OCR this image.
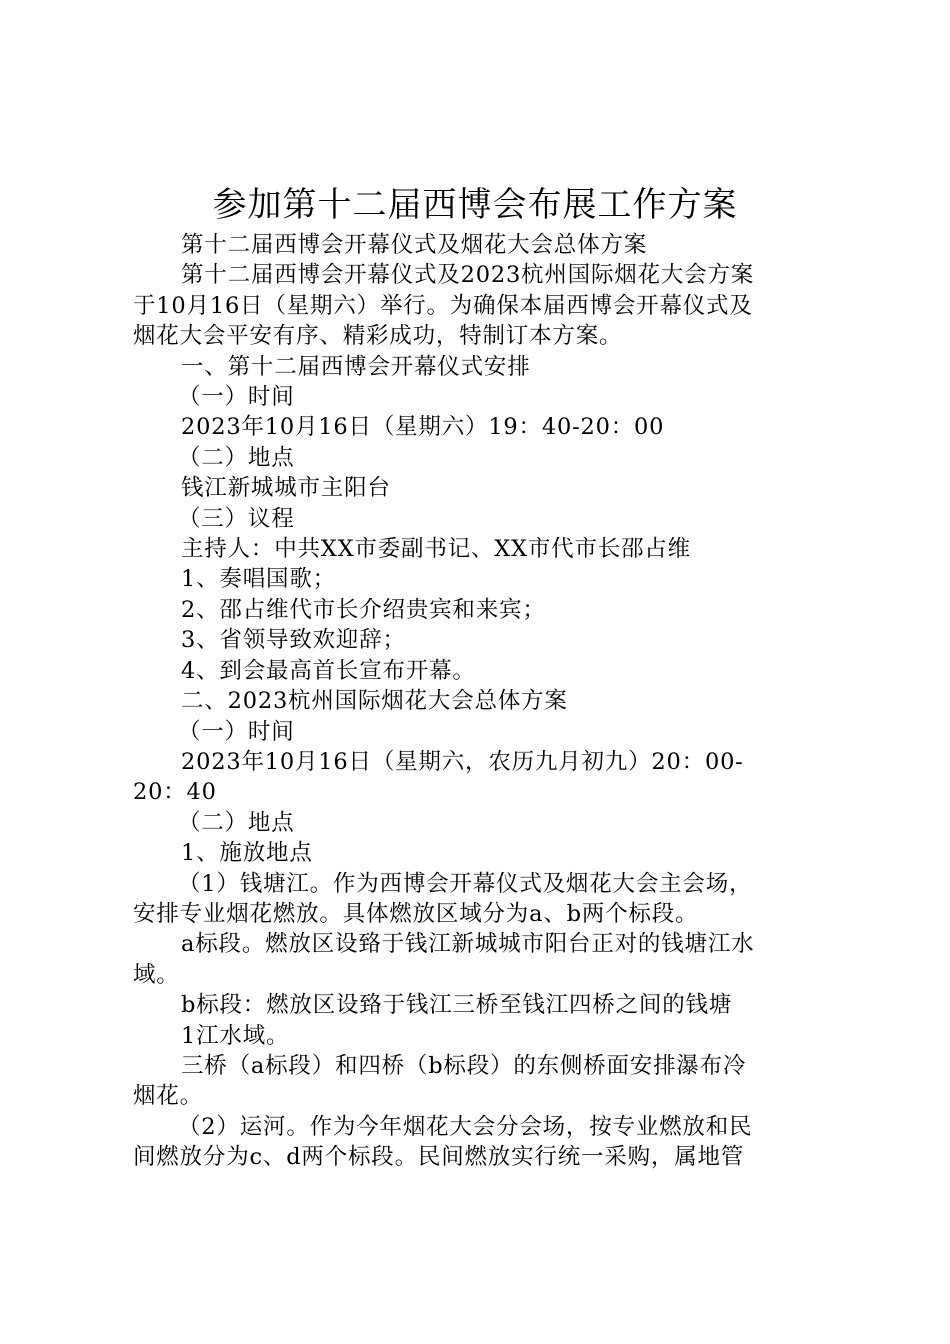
参加第十二届西博会布展工作方案

第十二届西博会开幕仪式及烟花大会总体方案

第十二届西博会开幕仪式及2023杭州国际烟花大会方案

于10月16日（星期六）举行。为确保本届西博会开幕仪式及

烟花大会平安有序、精彩成功，特制订本方案。

一、第十二届西博会开幕仪式安排

（一）时间

2023年10月16日（星期六）19：40-20：00

（二）地点

钱江新城城市主阳台

（三）议程

主持人：中共XX市委副书记、XX市代市长邵占维

1、奏唱国歌；

2、邵占维代市长介绍贵宾和来宾；

3、省领导致欢迎辞；

4、到会最高首长宣布开幕。

二、2023杭州国际烟花大会总体方案

（一）时间

2023年10月16日（星期六，农历九月初九）20：00-

20：40

（二）地点

1、施放地点

（1）钱塘江。作为西博会开幕仪式及烟花大会主会场，

安排专业烟花燃放。具体燃放区域分为a、b两个标段。

a标段。燃放区设臵于钱江新城城市阳台正对的钱塘江水

域。

b标段：燃放区设臵于钱江三桥至钱江四桥之间的钱塘

1江水域。

三桥（a标段）和四桥（b标段）的东侧桥面安排瀑布冷

烟花。

（2）运河。作为今年烟花大会分会场，按专业燃放和民

间燃放分为c、d两个标段。民间燃放实行统一采购，属地管
